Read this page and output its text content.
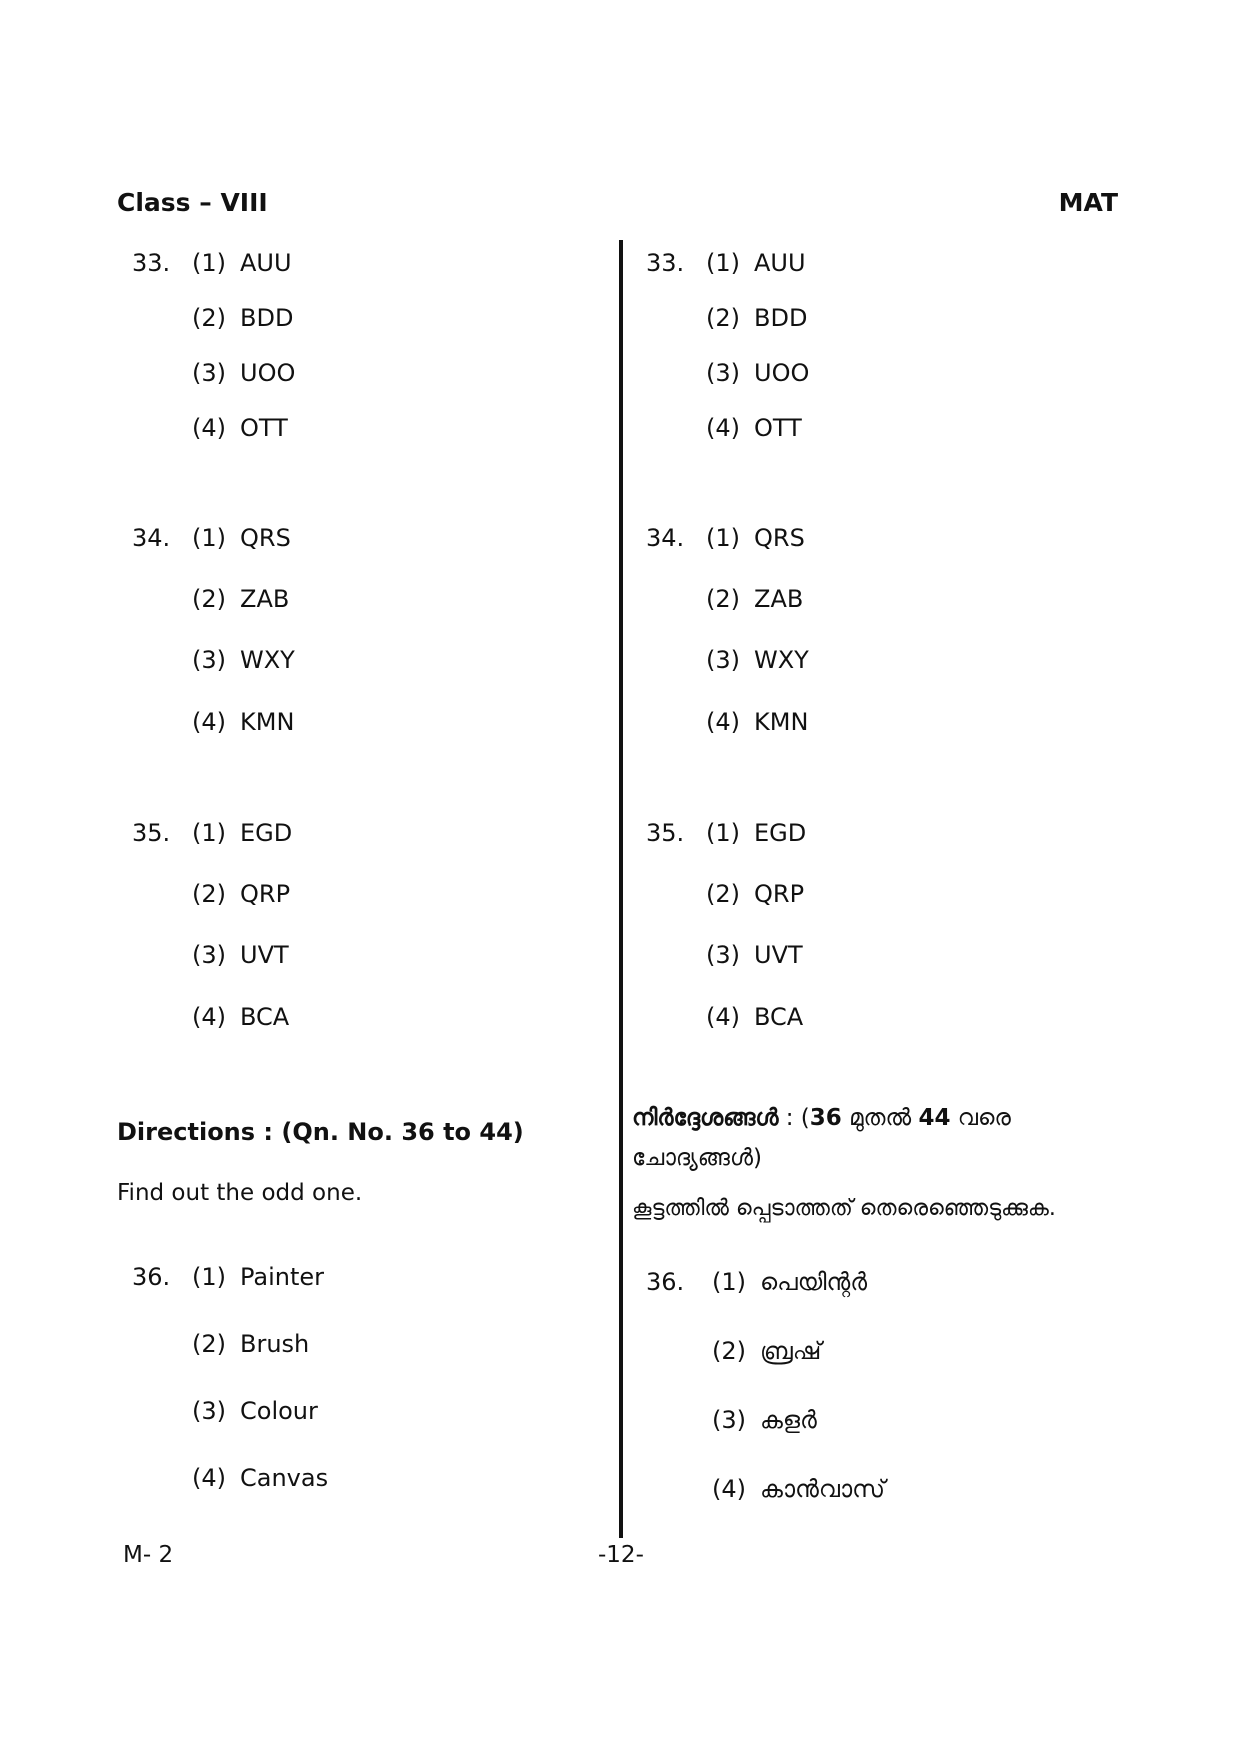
Class – VIII	MAT
33. (1) AUU
(2) BDD
(3) UOO
(4) OTT
34. (1) QRS
(2) ZAB
(3) WXY
(4) KMN
35. (1) EGD
(2) QRP
(3) UVT
(4) BCA
Directions : (Qn. No. 36 to 44)
Find out the odd one.
36. (1) Painter
(2) Brush
(3) Colour
(4) Canvas
33. (1) AUU
(2) BDD
(3) UOO
(4) OTT
34. (1) QRS
(2) ZAB
(3) WXY
(4) KMN
35. (1) EGD
(2) QRP
(3) UVT
(4) BCA
നിർദ്ദേശങ്ങൾ : (36 മുതൽ 44 വരെ ചോദ്യങ്ങൾ)
കൂട്ടത്തിൽ പ്പെടാത്തത് തെരെഞ്ഞെടുക്കുക.
36.	(1) പെയിന്റർ
(2) ബ്രഷ്
(3) കളർ
(4) കാൻവാസ്
M- 2	-12-
